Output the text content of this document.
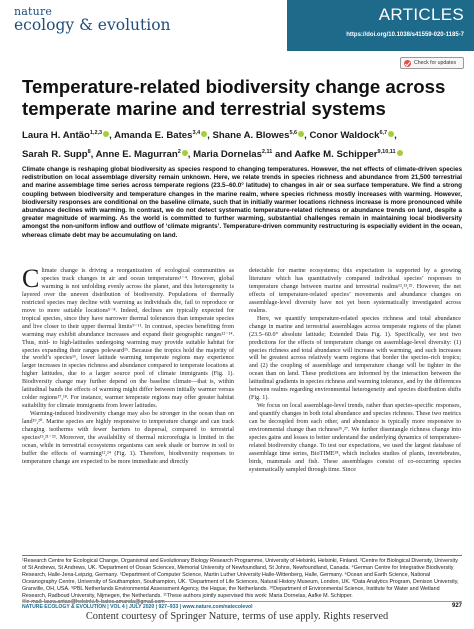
nature
ecology & evolution
ARTICLES
https://doi.org/10.1038/s41559-020-1185-7
Check for updates
Temperature-related biodiversity change across temperate marine and terrestrial systems
Laura H. Antão$^{1,2,3}$ , Amanda E. Bates$^{3,4}$ , Shane A. Blowes$^{5,6}$ , Conor Waldock$^{6,7}$ ,
Sarah R. Supp$^8$, Anne E. Magurran$^2$ , Maria Dornelas$^{2,11}$ and Aafke M. Schipper$^{9,10,11}$

Climate change is reshaping global biodiversity as species respond to changing temperatures. However, the net effects of climate-driven species redistribution on local assemblage diversity remain unknown. Here, we relate trends in species richness and abundance from 21,500 terrestrial and marine assemblage time series across temperate regions (23.5–60.0° latitude) to changes in air or sea surface temperature. We find a strong coupling between biodiversity and temperature changes in the marine realm, where species richness mostly increases with warming. However, biodiversity responses are conditional on the baseline climate, such that in initially warmer locations richness increase is more pronounced while abundance declines with warming. In contrast, we do not detect systematic temperature-related richness or abundance trends on land, despite a greater magnitude of warming. As the world is committed to further warming, substantial challenges remain in maintaining local biodiversity amongst the non-uniform inflow and outflow of ‘climate migrants’. Temperature-driven community restructuring is especially evident in the ocean, whereas climate debt may be accumulating on land.

Climate change is driving a reorganization of ecological communities as species track changes in air and ocean temperatures¹⁻⁴. However, global warming is not unfolding evenly across the planet, and this heterogeneity is layered over the uneven distribution of biodiversity. Populations of thermally restricted species may decline with warming as individuals die, fail to reproduce or move to more suitable locations⁵⁻⁸. Indeed, declines are typically expected for tropical species, since they have narrower thermal tolerances than temperate species and live closer to their upper thermal limits⁹⁻¹¹. In contrast, species benefiting from warming may exhibit abundance increases and expand their geographic ranges¹²⁻¹⁴. Thus, mid- to high-latitudes undergoing warming may provide suitable habitat for species expanding their ranges poleward¹⁵. Because the tropics hold the majority of the world’s species¹⁶, lower latitude warming temperate regions may experience larger increases in species richness and abundance compared to temperate locations at higher latitudes, due to a larger source pool of climate immigrants (Fig. 1). Biodiversity change may further depend on the baseline climate—that is, within latitudinal bands the effects of warming might differ between initially warmer versus colder regions¹⁷,¹⁸. For instance, warmer temperate regions may offer greater habitat suitability for climate immigrants from lower latitudes.

Warming-induced biodiversity change may also be stronger in the ocean than on land¹⁹,²⁰. Marine species are highly responsive to temperature change and can track changing isotherms with fewer barriers to dispersal, compared to terrestrial species¹³,²¹⁻²³. Moreover, the availability of thermal microrefugia is limited in the ocean, while in terrestrial ecosystems organisms can seek shade or burrow in soil to buffer the effects of warming¹²,²⁴ (Fig. 1). Therefore, biodiversity responses to temperature change are expected to be more immediate and directly

detectable for marine ecosystems; this expectation is supported by a growing literature which has quantitatively compared individual species’ responses to temperature change between marine and terrestrial realms¹²,¹³,²⁵. However, the net effects of temperature-related species’ movements and abundance changes on assemblage-level diversity have not yet been systematically investigated across realms.

Here, we quantify temperature-related species richness and total abundance change in marine and terrestrial assemblages across temperate regions of the planet (23.5–60.0° absolute latitude; Extended Data Fig. 1). Specifically, we test two predictions for the effects of temperature change on assemblage-level diversity: (1) species richness and total abundance will increase with warming, and such increases will be greatest across relatively warm regions that border the species-rich tropics; and (2) the coupling of assemblage and temperature change will be tighter in the ocean than on land. These predictions are informed by the interaction between the latitudinal gradients in species richness and warming tolerance, and by the differences between realms regarding environmental heterogeneity and species distribution shifts (Fig. 1).

We focus on local assemblage-level trends, rather than species-specific responses, and quantify changes in both total abundance and species richness. These two metrics can be decoupled from each other, and abundance is typically more responsive to environmental change than richness²⁶,²⁷. We further disentangle richness change into species gains and losses to better understand the underlying dynamics of temperature-related biodiversity change. To test our expectations, we used the largest database of assemblage time series, BioTIME²⁸, which includes studies of plants, invertebrates, birds, mammals and fish. These assemblages consist of co-occurring species systematically sampled through time. Since

¹Research Centre for Ecological Change, Organismal and Evolutionary Biology Research Programme, University of Helsinki, Helsinki, Finland. ²Centre for Biological Diversity, University of St Andrews, St Andrews, UK. ³Department of Ocean Sciences, Memorial University of Newfoundland, St Johns, Newfoundland, Canada. ⁴German Centre for Integrative Biodiversity Research, Halle-Jena-Leipzig, Germany. ⁵Department of Computer Science, Martin Luther University Halle-Wittenberg, Halle, Germany. ⁶Ocean and Earth Science, National Oceanography Centre, University of Southampton, Southampton, UK. ⁷Department of Life Sciences, Natural History Museum, London, UK. ⁸Data Analytics Program, Denison University, Granville, OH, USA. ⁹PBL Netherlands Environmental Assessment Agency, the Hague, the Netherlands. ¹⁰Department of Environmental Science, Institute for Water and Wetland Research, Radboud University, Nijmegen, the Netherlands. ¹¹These authors jointly supervised this work: Maria Dornelas, Aafke M. Schipper.
✉e-mail: laura.antao@helsinki.fi; bates.amanda@gmail.com
NATURE ECOLOGY & EVOLUTION | VOL 4 | JULY 2020 | 927–933 | www.nature.com/natecolevol	927
Content courtesy of Springer Nature, terms of use apply. Rights reserved
